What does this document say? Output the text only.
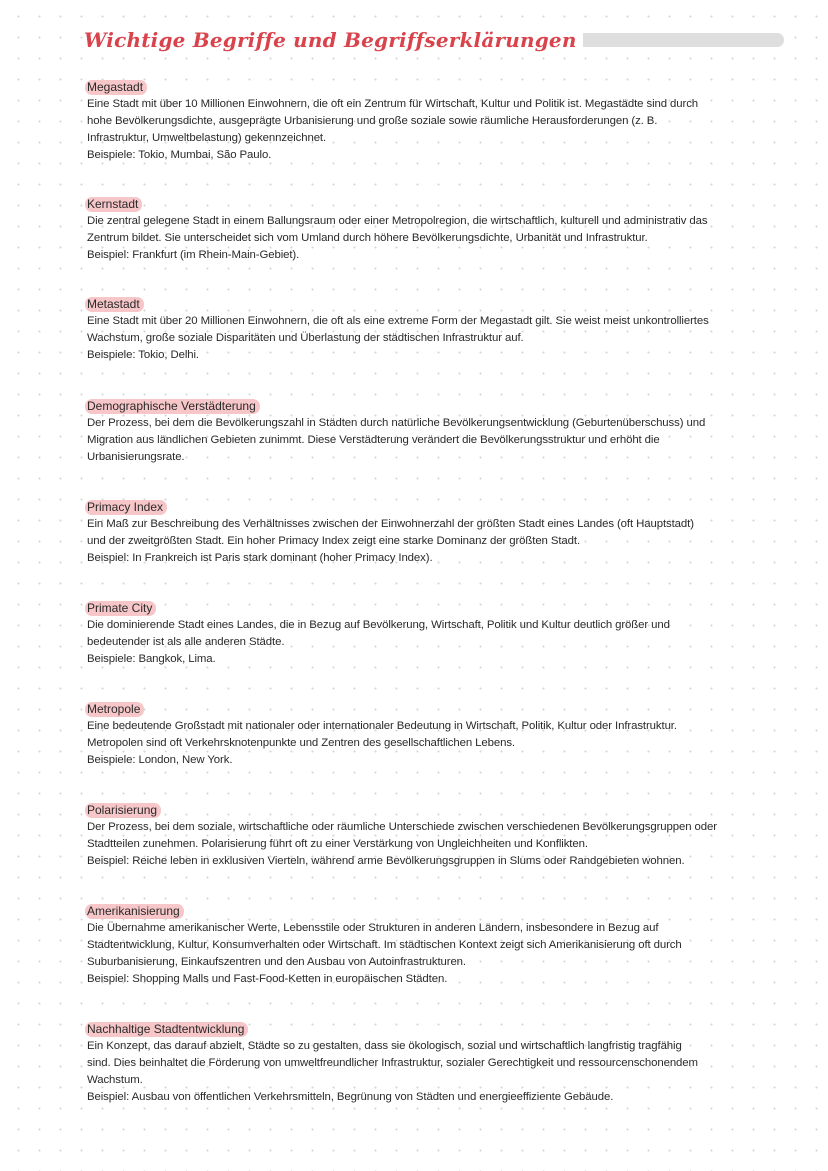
Wichtige Begriffe und Begriffserklärungen
Megastadt
Eine Stadt mit über 10 Millionen Einwohnern, die oft ein Zentrum für Wirtschaft, Kultur und Politik ist. Megastädte sind durch
hohe Bevölkerungsdichte, ausgeprägte Urbanisierung und große soziale sowie räumliche Herausforderungen (z. B.
Infrastruktur, Umweltbelastung) gekennzeichnet.
Beispiele: Tokio, Mumbai, São Paulo.
Kernstadt
Die zentral gelegene Stadt in einem Ballungsraum oder einer Metropolregion, die wirtschaftlich, kulturell und administrativ das
Zentrum bildet. Sie unterscheidet sich vom Umland durch höhere Bevölkerungsdichte, Urbanität und Infrastruktur.
Beispiel: Frankfurt (im Rhein-Main-Gebiet).
Metastadt
Eine Stadt mit über 20 Millionen Einwohnern, die oft als eine extreme Form der Megastadt gilt. Sie weist meist unkontrolliertes
Wachstum, große soziale Disparitäten und Überlastung der städtischen Infrastruktur auf.
Beispiele: Tokio, Delhi.
Demographische Verstädterung
Der Prozess, bei dem die Bevölkerungszahl in Städten durch natürliche Bevölkerungsentwicklung (Geburtenüberschuss) und
Migration aus ländlichen Gebieten zunimmt. Diese Verstädterung verändert die Bevölkerungsstruktur und erhöht die
Urbanisierungsrate.
Primacy Index
Ein Maß zur Beschreibung des Verhältnisses zwischen der Einwohnerzahl der größten Stadt eines Landes (oft Hauptstadt)
und der zweitgrößten Stadt. Ein hoher Primacy Index zeigt eine starke Dominanz der größten Stadt.
Beispiel: In Frankreich ist Paris stark dominant (hoher Primacy Index).
Primate City
Die dominierende Stadt eines Landes, die in Bezug auf Bevölkerung, Wirtschaft, Politik und Kultur deutlich größer und
bedeutender ist als alle anderen Städte.
Beispiele: Bangkok, Lima.
Metropole
Eine bedeutende Großstadt mit nationaler oder internationaler Bedeutung in Wirtschaft, Politik, Kultur oder Infrastruktur.
Metropolen sind oft Verkehrsknotenpunkte und Zentren des gesellschaftlichen Lebens.
Beispiele: London, New York.
Polarisierung
Der Prozess, bei dem soziale, wirtschaftliche oder räumliche Unterschiede zwischen verschiedenen Bevölkerungsgruppen oder
Stadtteilen zunehmen. Polarisierung führt oft zu einer Verstärkung von Ungleichheiten und Konflikten.
Beispiel: Reiche leben in exklusiven Vierteln, während arme Bevölkerungsgruppen in Slums oder Randgebieten wohnen.
Amerikanisierung
Die Übernahme amerikanischer Werte, Lebensstile oder Strukturen in anderen Ländern, insbesondere in Bezug auf
Stadtentwicklung, Kultur, Konsumverhalten oder Wirtschaft. Im städtischen Kontext zeigt sich Amerikanisierung oft durch
Suburbanisierung, Einkaufszentren und den Ausbau von Autoinfrastrukturen.
Beispiel: Shopping Malls und Fast-Food-Ketten in europäischen Städten.
Nachhaltige Stadtentwicklung
Ein Konzept, das darauf abzielt, Städte so zu gestalten, dass sie ökologisch, sozial und wirtschaftlich langfristig tragfähig
sind. Dies beinhaltet die Förderung von umweltfreundlicher Infrastruktur, sozialer Gerechtigkeit und ressourcenschonendem
Wachstum.
Beispiel: Ausbau von öffentlichen Verkehrsmitteln, Begrünung von Städten und energieeffiziente Gebäude.
